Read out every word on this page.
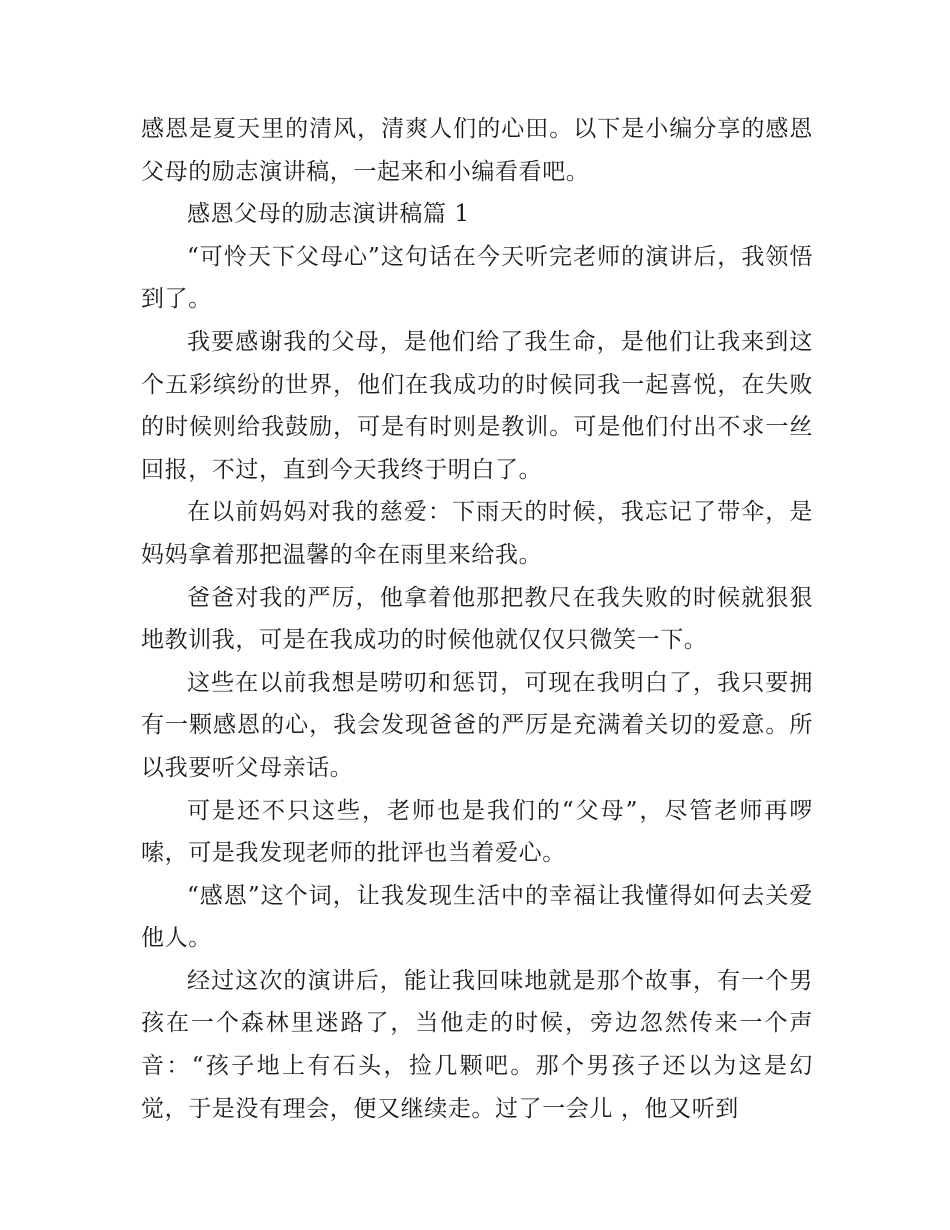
感恩是夏天里的清风，清爽人们的心田。以下是小编分享的感恩父母的励志演讲稿，一起来和小编看看吧。

感恩父母的励志演讲稿篇 1

“可怜天下父母心”这句话在今天听完老师的演讲后，我领悟到了。

我要感谢我的父母，是他们给了我生命，是他们让我来到这个五彩缤纷的世界，他们在我成功的时候同我一起喜悦，在失败的时候则给我鼓励，可是有时则是教训。可是他们付出不求一丝回报，不过，直到今天我终于明白了。

在以前妈妈对我的慈爱：下雨天的时候，我忘记了带伞，是妈妈拿着那把温馨的伞在雨里来给我。

爸爸对我的严厉，他拿着他那把教尺在我失败的时候就狠狠地教训我，可是在我成功的时候他就仅仅只微笑一下。

这些在以前我想是唠叨和惩罚，可现在我明白了，我只要拥有一颗感恩的心，我会发现爸爸的严厉是充满着关切的爱意。所以我要听父母亲话。

可是还不只这些，老师也是我们的“父母”，尽管老师再啰嗦，可是我发现老师的批评也当着爱心。

“感恩”这个词，让我发现生活中的幸福让我懂得如何去关爱他人。

经过这次的演讲后，能让我回味地就是那个故事，有一个男孩在一个森林里迷路了，当他走的时候，旁边忽然传来一个声音：“孩子地上有石头，捡几颗吧。那个男孩子还以为这是幻觉，于是没有理会，便又继续走。过了一会儿 ，他又听到
